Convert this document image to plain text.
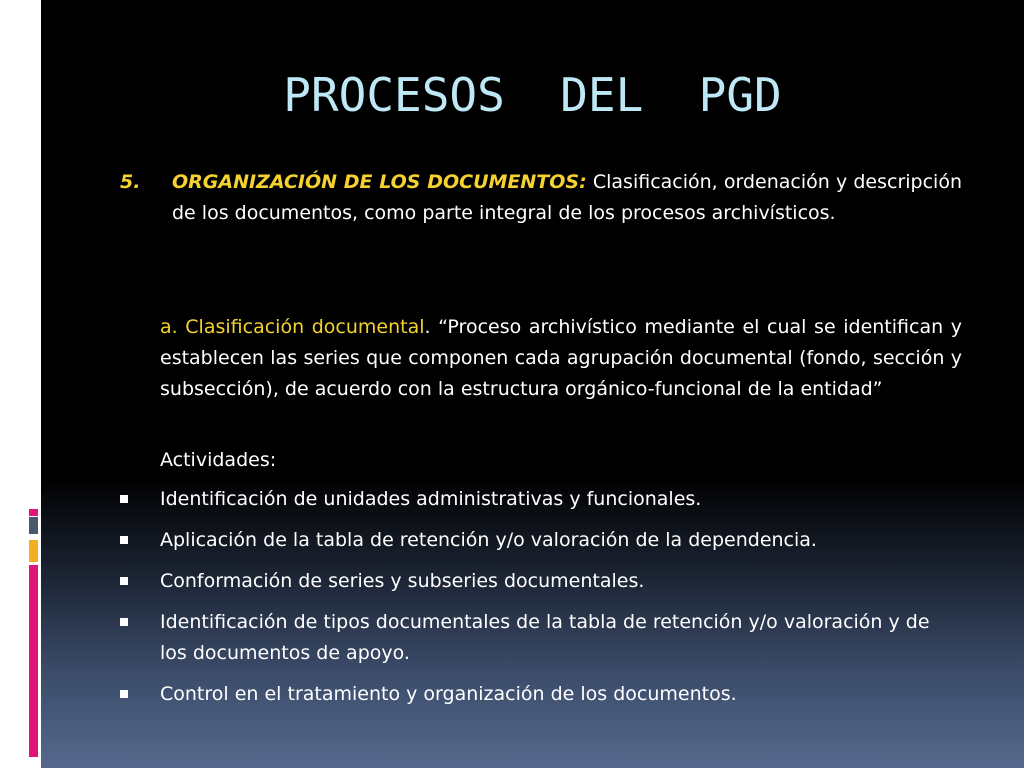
PROCESOS  DEL  PGD
5. ORGANIZACIÓN DE LOS DOCUMENTOS: Clasificación, ordenación y descripción de los documentos, como parte integral de los procesos archivísticos.
a. Clasificación documental. “Proceso archivístico mediante el cual se identifican y establecen las series que componen cada agrupación documental (fondo, sección y subsección), de acuerdo con la estructura orgánico-funcional de la entidad”
Actividades:
Identificación de unidades administrativas y funcionales.
Aplicación de la tabla de retención y/o valoración de la dependencia.
Conformación de series y subseries documentales.
Identificación de tipos documentales de la tabla de retención y/o valoración y de los documentos de apoyo.
Control en el tratamiento y organización de los documentos.
